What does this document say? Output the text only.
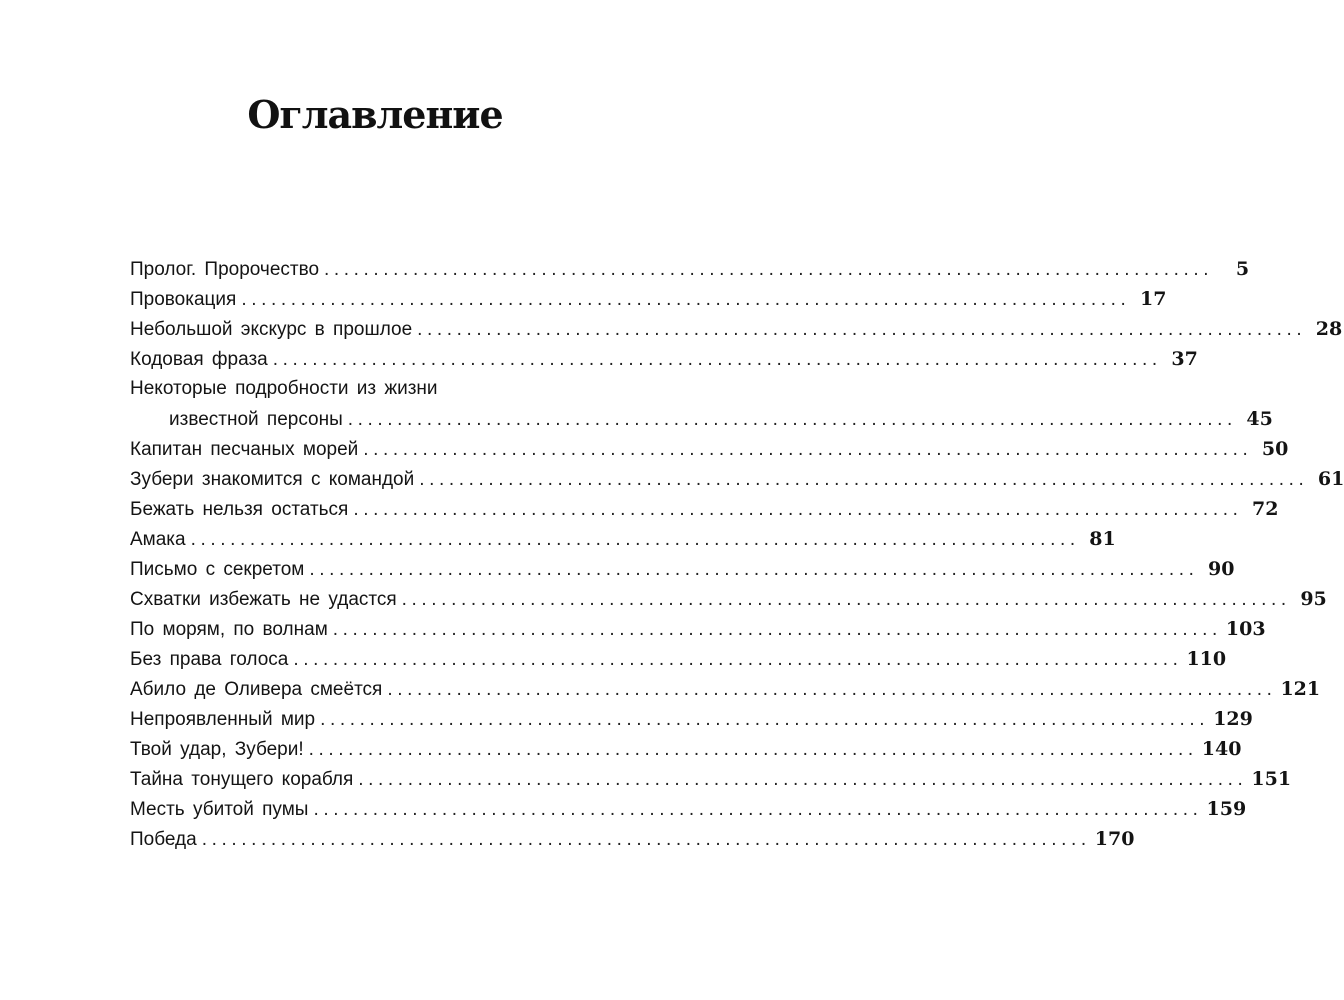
Оглавление
Пролог. Пророчество ..........................................................................................	5
Провокация .......................................................................................... 17
Небольшой экскурс в прошлое .......................................................................................... 28
Кодовая фраза .......................................................................................... 37
Некоторые подробности из жизни
известной персоны .......................................................................................... 45
Капитан песчаных морей .......................................................................................... 50
Зубери знакомится с командой .......................................................................................... 61
Бежать нельзя остаться .......................................................................................... 72
Амака .......................................................................................... 81
Письмо с секретом .......................................................................................... 90
Схватки избежать не удастся .......................................................................................... 95
По морям, по волнам .......................................................................................... 103
Без права голоса .......................................................................................... 110
Абило де Оливера смеётся .......................................................................................... 121
Непроявленный мир .......................................................................................... 129
Твой удар, Зубери! .......................................................................................... 140
Тайна тонущего корабля .......................................................................................... 151
Месть убитой пумы .......................................................................................... 159
Победа .......................................................................................... 170
